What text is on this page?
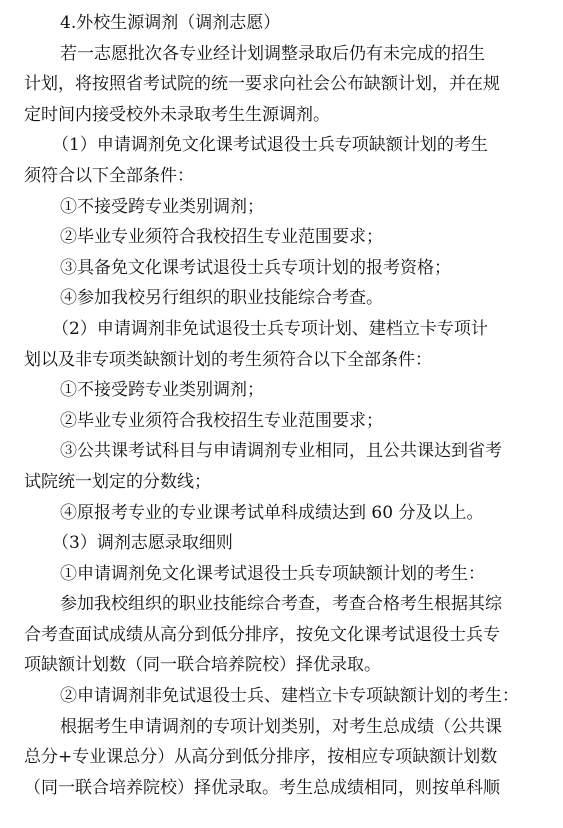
4.外校生源调剂（调剂志愿）
若一志愿批次各专业经计划调整录取后仍有未完成的招生
计划，将按照省考试院的统一要求向社会公布缺额计划，并在规
定时间内接受校外未录取考生生源调剂。
（1）申请调剂免文化课考试退役士兵专项缺额计划的考生
须符合以下全部条件：
①不接受跨专业类别调剂；
②毕业专业须符合我校招生专业范围要求；
③具备免文化课考试退役士兵专项计划的报考资格；
④参加我校另行组织的职业技能综合考查。
（2）申请调剂非免试退役士兵专项计划、建档立卡专项计
划以及非专项类缺额计划的考生须符合以下全部条件：
①不接受跨专业类别调剂；
②毕业专业须符合我校招生专业范围要求；
③公共课考试科目与申请调剂专业相同，且公共课达到省考
试院统一划定的分数线；
④原报考专业的专业课考试单科成绩达到 60 分及以上。
（3）调剂志愿录取细则
①申请调剂免文化课考试退役士兵专项缺额计划的考生：
参加我校组织的职业技能综合考查，考查合格考生根据其综
合考查面试成绩从高分到低分排序，按免文化课考试退役士兵专
项缺额计划数（同一联合培养院校）择优录取。
②申请调剂非免试退役士兵、建档立卡专项缺额计划的考生：
根据考生申请调剂的专项计划类别，对考生总成绩（公共课
总分+专业课总分）从高分到低分排序，按相应专项缺额计划数
（同一联合培养院校）择优录取。考生总成绩相同，则按单科顺
